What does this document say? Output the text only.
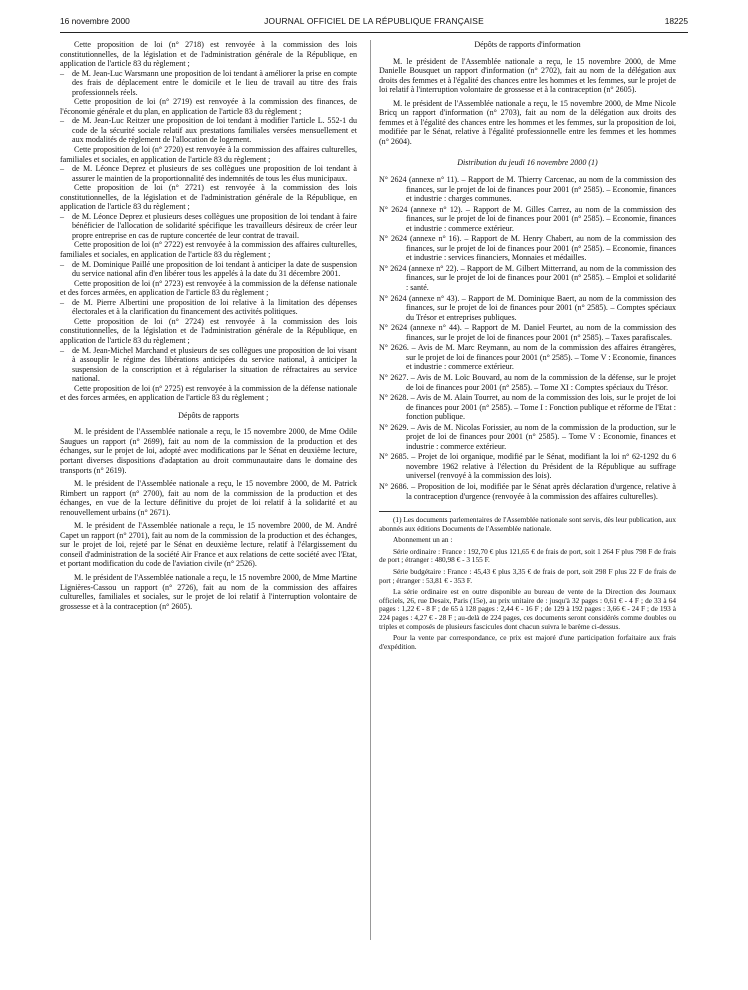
16 novembre 2000	JOURNAL OFFICIEL DE LA RÉPUBLIQUE FRANÇAISE	18225

Cette proposition de loi (n° 2718) est renvoyée à la commission des lois constitutionnelles, de la législation et de l'administration générale de la République, en application de l'article 83 du règlement ;

– de M. Jean-Luc Warsmann une proposition de loi tendant à améliorer la prise en compte des frais de déplacement entre le domicile et le lieu de travail au titre des frais professionnels réels.

Cette proposition de loi (n° 2719) est renvoyée à la commission des finances, de l'économie générale et du plan, en application de l'article 83 du règlement ;

– de M. Jean-Luc Reitzer une proposition de loi tendant à modifier l'article L. 552-1 du code de la sécurité sociale relatif aux prestations familiales versées mensuellement et aux modalités de règlement de l'allocation de logement.

Cette proposition de loi (n° 2720) est renvoyée à la commission des affaires culturelles, familiales et sociales, en application de l'article 83 du règlement ;

– de M. Léonce Deprez et plusieurs de ses collègues une proposition de loi tendant à assurer le maintien de la proportionnalité des indemnités de tous les élus municipaux.

Cette proposition de loi (n° 2721) est renvoyée à la commission des lois constitutionnelles, de la législation et de l'administration générale de la République, en application de l'article 83 du règlement ;

– de M. Léonce Deprez et plusieurs deses collègues une proposition de loi tendant à faire bénéficier de l'allocation de solidarité spécifique les travailleurs désireux de créer leur propre entreprise en cas de rupture concertée de leur contrat de travail.

Cette proposition de loi (n° 2722) est renvoyée à la commission des affaires culturelles, familiales et sociales, en application de l'article 83 du règlement ;

– de M. Dominique Paillé une proposition de loi tendant à anticiper la date de suspension du service national afin d'en libérer tous les appelés à la date du 31 décembre 2001.

Cette proposition de loi (n° 2723) est renvoyée à la commission de la défense nationale et des forces armées, en application de l'article 83 du règlement ;

– de M. Pierre Albertini une proposition de loi relative à la limitation des dépenses électorales et à la clarification du financement des activités politiques.

Cette proposition de loi (n° 2724) est renvoyée à la commission des lois constitutionnelles, de la législation et de l'administration générale de la République, en application de l'article 83 du règlement ;

– de M. Jean-Michel Marchand et plusieurs de ses collègues une proposition de loi visant à assouplir le régime des libérations anticipées du service national, à anticiper la suspension de la conscription et à régulariser la situation de réfractaires au service national.

Cette proposition de loi (n° 2725) est renvoyée à la commission de la défense nationale et des forces armées, en application de l'article 83 du règlement ;

Dépôts de rapports

M. le président de l'Assemblée nationale a reçu, le 15 novembre 2000, de Mme Odile Saugues un rapport (n° 2699), fait au nom de la commission de la production et des échanges, sur le projet de loi, adopté avec modifications par le Sénat en deuxième lecture, portant diverses dispositions d'adaptation au droit communautaire dans le domaine des transports (n° 2619).

M. le président de l'Assemblée nationale a reçu, le 15 novembre 2000, de M. Patrick Rimbert un rapport (n° 2700), fait au nom de la commission de la production et des échanges, en vue de la lecture définitive du projet de loi relatif à la solidarité et au renouvellement urbains (n° 2671).

M. le président de l'Assemblée nationale a reçu, le 15 novembre 2000, de M. André Capet un rapport (n° 2701), fait au nom de la commission de la production et des échanges, sur le projet de loi, rejeté par le Sénat en deuxième lecture, relatif à l'élargissement du conseil d'administration de la société Air France et aux relations de cette société avec l'Etat, et portant modification du code de l'aviation civile (n° 2526).

M. le président de l'Assemblée nationale a reçu, le 15 novembre 2000, de Mme Martine Lignières-Cassou un rapport (n° 2726), fait au nom de la commission des affaires culturelles, familiales et sociales, sur le projet de loi relatif à l'interruption volontaire de grossesse et à la contraception (n° 2605).

Dépôts de rapports d'information

M. le président de l'Assemblée nationale a reçu, le 15 novembre 2000, de Mme Danielle Bousquet un rapport d'information (n° 2702), fait au nom de la délégation aux droits des femmes et à l'égalité des chances entre les hommes et les femmes, sur le projet de loi relatif à l'interruption volontaire de grossesse et à la contraception (n° 2605).

M. le président de l'Assemblée nationale a reçu, le 15 novembre 2000, de Mme Nicole Bricq un rapport d'information (n° 2703), fait au nom de la délégation aux droits des femmes et à l'égalité des chances entre les hommes et les femmes, sur la proposition de loi, modifiée par le Sénat, relative à l'égalité professionnelle entre les femmes et les hommes (n° 2604).

Distribution du jeudi 16 novembre 2000 (1)

N° 2624 (annexe n° 11). – Rapport de M. Thierry Carcenac, au nom de la commission des finances, sur le projet de loi de finances pour 2001 (n° 2585). – Economie, finances et industrie : charges communes.

N° 2624 (annexe n° 12). – Rapport de M. Gilles Carrez, au nom de la commission des finances, sur le projet de loi de finances pour 2001 (n° 2585). – Economie, finances et industrie : commerce extérieur.

N° 2624 (annexe n° 16). – Rapport de M. Henry Chabert, au nom de la commission des finances, sur le projet de loi de finances pour 2001 (n° 2585). – Economie, finances et industrie : services financiers, Monnaies et médailles.

N° 2624 (annexe n° 22). – Rapport de M. Gilbert Mitterrand, au nom de la commission des finances, sur le projet de loi de finances pour 2001 (n° 2585). – Emploi et solidarité : santé.

N° 2624 (annexe n° 43). – Rapport de M. Dominique Baert, au nom de la commission des finances, sur le projet de loi de finances pour 2001 (n° 2585). – Comptes spéciaux du Trésor et entreprises publiques.

N° 2624 (annexe n° 44). – Rapport de M. Daniel Feurtet, au nom de la commission des finances, sur le projet de loi de finances pour 2001 (n° 2585). – Taxes parafiscales.

N° 2626. – Avis de M. Marc Reymann, au nom de la commission des affaires étrangères, sur le projet de loi de finances pour 2001 (n° 2585). – Tome V : Economie, finances et industrie : commerce extérieur.

N° 2627. – Avis de M. Loïc Bouvard, au nom de la commission de la défense, sur le projet de loi de finances pour 2001 (n° 2585). – Tome XI : Comptes spéciaux du Trésor.

N° 2628. – Avis de M. Alain Tourret, au nom de la commission des lois, sur le projet de loi de finances pour 2001 (n° 2585). – Tome I : Fonction publique et réforme de l'Etat : fonction publique.

N° 2629. – Avis de M. Nicolas Forissier, au nom de la commission de la production, sur le projet de loi de finances pour 2001 (n° 2585). – Tome V : Economie, finances et industrie : commerce extérieur.

N° 2685. – Projet de loi organique, modifié par le Sénat, modifiant la loi n° 62-1292 du 6 novembre 1962 relative à l'élection du Président de la République au suffrage universel (renvoyé à la commission des lois).

N° 2686. – Proposition de loi, modifiée par le Sénat après déclaration d'urgence, relative à la contraception d'urgence (renvoyée à la commission des affaires culturelles).

(1) Les documents parlementaires de l'Assemblée nationale sont servis, dès leur publication, aux abonnés aux éditions Documents de l'Assemblée nationale.

Abonnement un an :

Série ordinaire : France : 192,70 € plus 121,65 € de frais de port, soit 1 264 F plus 798 F de frais de port ; étranger : 480,98 € - 3 155 F.

Série budgétaire : France : 45,43 € plus 3,35 € de frais de port, soit 298 F plus 22 F de frais de port ; étranger : 53,81 € - 353 F.

La série ordinaire est en outre disponible au bureau de vente de la Direction des Journaux officiels, 26, rue Desaix, Paris (15e), au prix unitaire de : jusqu'à 32 pages : 0,61 € - 4 F ; de 33 à 64 pages : 1,22 € - 8 F ; de 65 à 128 pages : 2,44 € - 16 F ; de 129 à 192 pages : 3,66 € - 24 F ; de 193 à 224 pages : 4,27 € - 28 F ; au-delà de 224 pages, ces documents seront considérés comme doubles ou triples et composés de plusieurs fascicules dont chacun suivra le barème ci-dessus.

Pour la vente par correspondance, ce prix est majoré d'une participation forfaitaire aux frais d'expédition.
